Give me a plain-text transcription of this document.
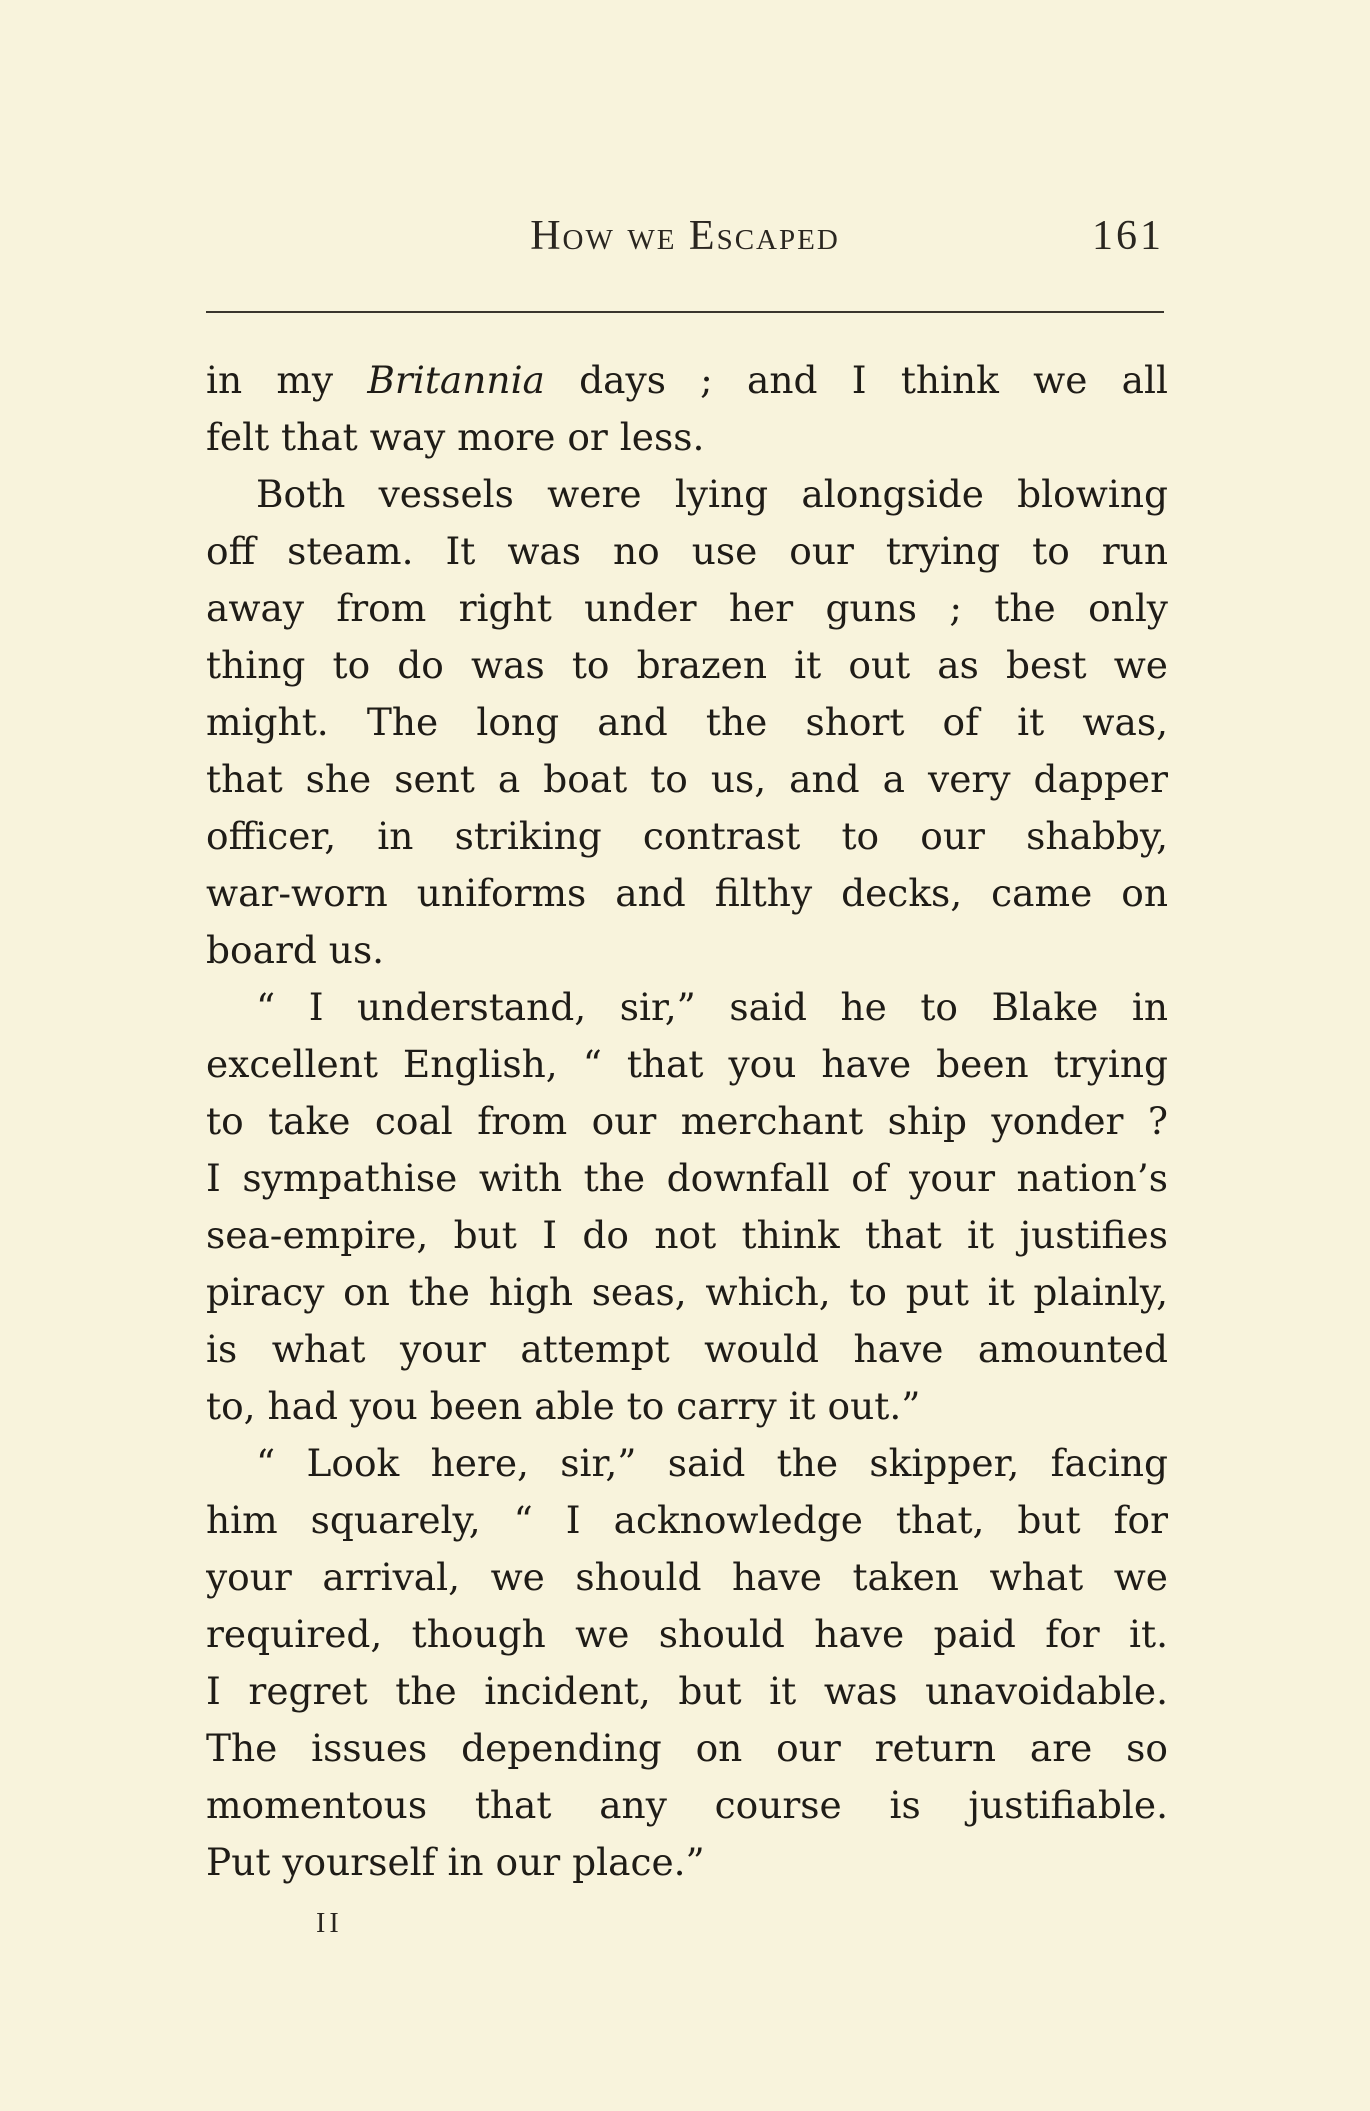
How we Escaped	161
in my Britannia days ; and I think we all
felt that way more or less.
Both vessels were lying alongside blowing
off steam. It was no use our trying to run
away from right under her guns ; the only
thing to do was to brazen it out as best we
might. The long and the short of it was,
that she sent a boat to us, and a very dapper
officer, in striking contrast to our shabby,
war-worn uniforms and filthy decks, came on
board us.
“ I understand, sir,” said he to Blake in
excellent English, “ that you have been trying
to take coal from our merchant ship yonder ?
I sympathise with the downfall of your nation’s
sea-empire, but I do not think that it justifies
piracy on the high seas, which, to put it plainly,
is what your attempt would have amounted
to, had you been able to carry it out.”
“ Look here, sir,” said the skipper, facing
him squarely, “ I acknowledge that, but for
your arrival, we should have taken what we
required, though we should have paid for it.
I regret the incident, but it was unavoidable.
The issues depending on our return are so
momentous that any course is justifiable.
Put yourself in our place.”
II
